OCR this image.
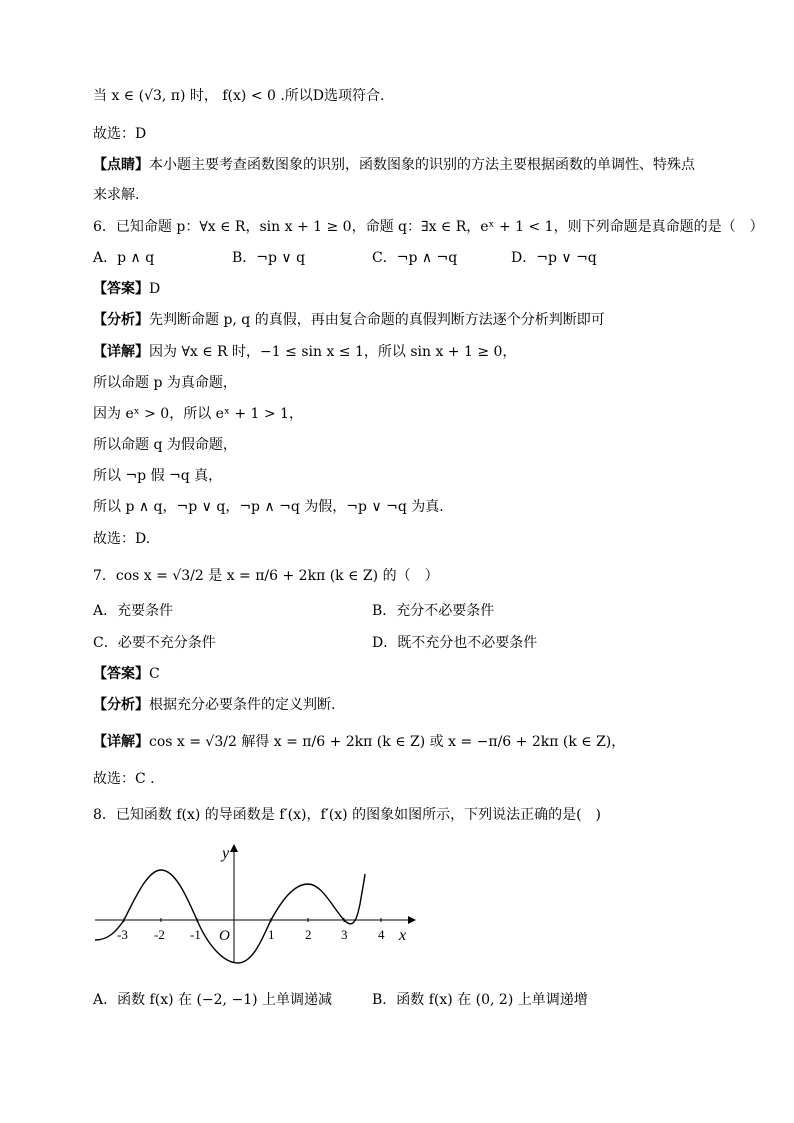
当 x ∈ (√3, π) 时， f(x) < 0 .所以D选项符合.
故选：D
【点睛】本小题主要考查函数图象的识别，函数图象的识别的方法主要根据函数的单调性、特殊点
来求解.
6．已知命题 p：∀x ∈ R，sin x + 1 ≥ 0，命题 q：∃x ∈ R，eˣ + 1 < 1，则下列命题是真命题的是（　）
A．p ∧ q	B．¬p ∨ q	C．¬p ∧ ¬q	D．¬p ∨ ¬q
【答案】D
【分析】先判断命题 p, q 的真假，再由复合命题的真假判断方法逐个分析判断即可
【详解】因为 ∀x ∈ R 时，−1 ≤ sin x ≤ 1，所以 sin x + 1 ≥ 0，
所以命题 p 为真命题，
因为 eˣ > 0，所以 eˣ + 1 > 1，
所以命题 q 为假命题，
所以 ¬p 假 ¬q 真，
所以 p ∧ q，¬p ∨ q，¬p ∧ ¬q 为假，¬p ∨ ¬q 为真.
故选：D.
7．cos x = √3/2 是 x = π/6 + 2kπ (k ∈ Z) 的（　）
A．充要条件	B．充分不必要条件
C．必要不充分条件	D．既不充分也不必要条件
【答案】C
【分析】根据充分必要条件的定义判断.
【详解】cos x = √3/2 解得 x = π/6 + 2kπ (k ∈ Z) 或 x = −π/6 + 2kπ (k ∈ Z)，
故选：C .
8．已知函数 f(x) 的导函数是 f′(x)，f′(x) 的图象如图所示，下列说法正确的是(　)
y
x
O
-3 -2 -1	1 2 3 4
A．函数 f(x) 在 (−2, −1) 上单调递减	B．函数 f(x) 在 (0, 2) 上单调递增
